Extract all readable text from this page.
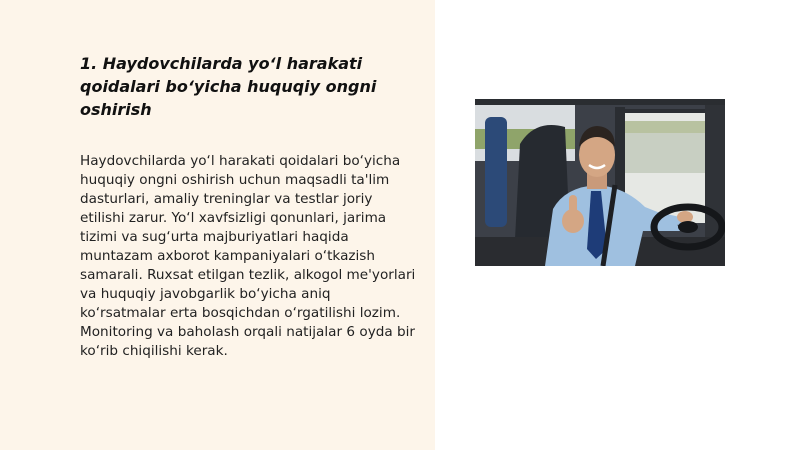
1. Haydovchilarda yo‘l harakati qoidalari bo‘yicha huquqiy ongni oshirish

Haydovchilarda yo‘l harakati qoidalari bo‘yicha huquqiy ongni oshirish uchun maqsadli ta'lim dasturlari, amaliy treninglar va testlar joriy etilishi zarur. Yo‘l xavfsizligi qonunlari, jarima tizimi va sug‘urta majburiyatlari haqida muntazam axborot kampaniyalari o‘tkazish samarali. Ruxsat etilgan tezlik, alkogol me'yorlari va huquqiy javobgarlik bo‘yicha aniq ko‘rsatmalar erta bosqichdan o‘rgatilishi lozim. Monitoring va baholash orqali natijalar 6 oyda bir ko‘rib chiqilishi kerak.
